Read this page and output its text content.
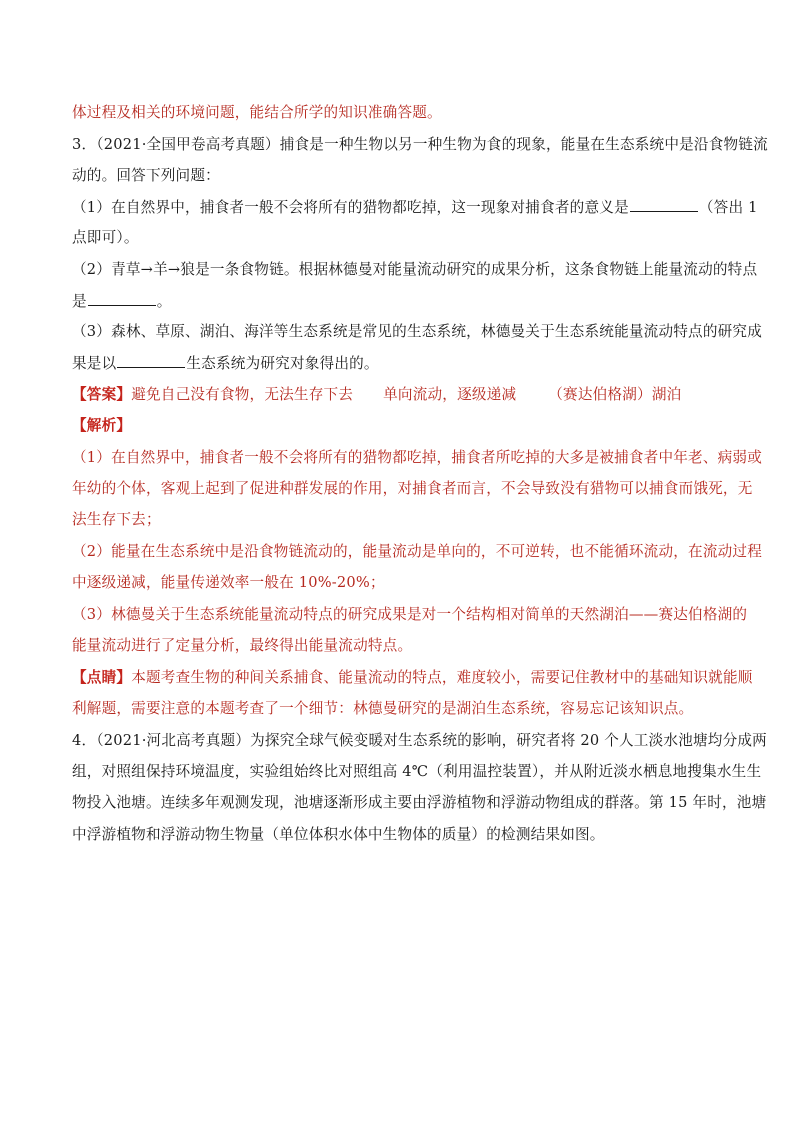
体过程及相关的环境问题，能结合所学的知识准确答题。
3．（2021·全国甲卷高考真题）捕食是一种生物以另一种生物为食的现象，能量在生态系统中是沿食物链流
动的。回答下列问题：
（1）在自然界中，捕食者一般不会将所有的猎物都吃掉，这一现象对捕食者的意义是	（答出 1
点即可）。
（2）青草→羊→狼是一条食物链。根据林德曼对能量流动研究的成果分析，这条食物链上能量流动的特点
是	。
（3）森林、草原、湖泊、海洋等生态系统是常见的生态系统，林德曼关于生态系统能量流动特点的研究成
果是以	生态系统为研究对象得出的。
【答案】避免自己没有食物，无法生存下去 单向流动，逐级递减 （赛达伯格湖）湖泊
【解析】
（1）在自然界中，捕食者一般不会将所有的猎物都吃掉，捕食者所吃掉的大多是被捕食者中年老、病弱或
年幼的个体，客观上起到了促进种群发展的作用，对捕食者而言，不会导致没有猎物可以捕食而饿死，无
法生存下去；
（2）能量在生态系统中是沿食物链流动的，能量流动是单向的，不可逆转，也不能循环流动，在流动过程
中逐级递减，能量传递效率一般在 10%-20%；
（3）林德曼关于生态系统能量流动特点的研究成果是对一个结构相对简单的天然湖泊——赛达伯格湖的
能量流动进行了定量分析，最终得出能量流动特点。
【点睛】本题考查生物的种间关系捕食、能量流动的特点，难度较小，需要记住教材中的基础知识就能顺
利解题，需要注意的本题考查了一个细节：林德曼研究的是湖泊生态系统，容易忘记该知识点。
4．（2021·河北高考真题）为探究全球气候变暖对生态系统的影响，研究者将 20 个人工淡水池塘均分成两
组，对照组保持环境温度，实验组始终比对照组高 4℃（利用温控装置），并从附近淡水栖息地搜集水生生
物投入池塘。连续多年观测发现，池塘逐渐形成主要由浮游植物和浮游动物组成的群落。第 15 年时，池塘
中浮游植物和浮游动物生物量（单位体积水体中生物体的质量）的检测结果如图。
